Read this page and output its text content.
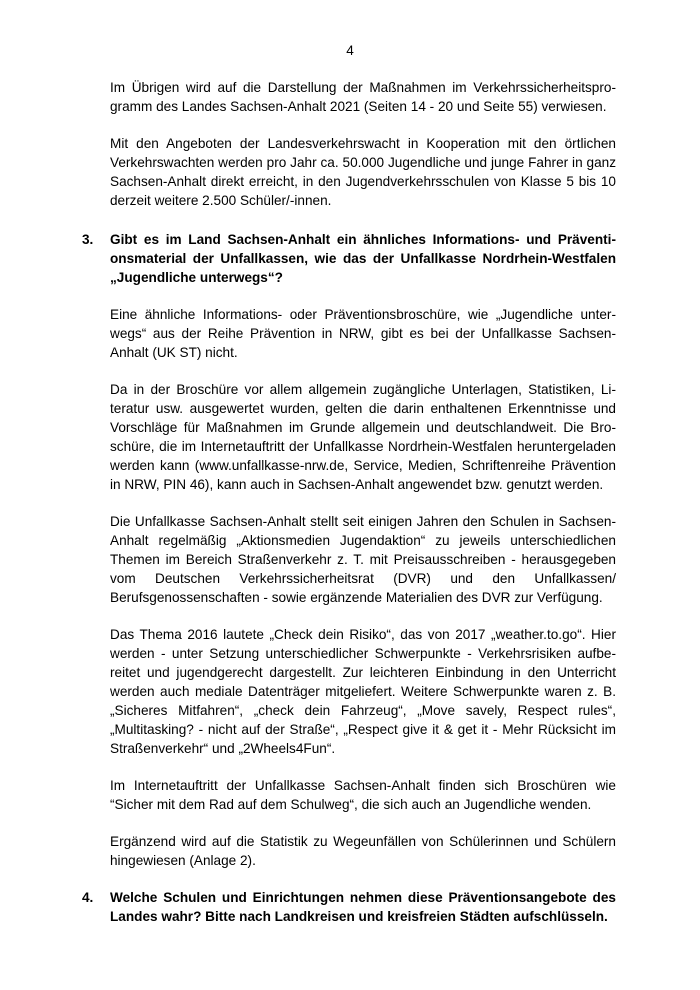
4

Im Übrigen wird auf die Darstellung der Maßnahmen im Verkehrssicherheitsprogramm des Landes Sachsen-Anhalt 2021 (Seiten 14 - 20 und Seite 55) verwiesen.

Mit den Angeboten der Landesverkehrswacht in Kooperation mit den örtlichen Verkehrswachten werden pro Jahr ca. 50.000 Jugendliche und junge Fahrer in ganz Sachsen-Anhalt direkt erreicht, in den Jugendverkehrsschulen von Klasse 5 bis 10 derzeit weitere 2.500 Schüler/-innen.

3. Gibt es im Land Sachsen-Anhalt ein ähnliches Informations- und Präventionsmaterial der Unfallkassen, wie das der Unfallkasse Nordrhein-Westfalen „Jugendliche unterwegs“?

Eine ähnliche Informations- oder Präventionsbroschüre, wie „Jugendliche unterwegs“ aus der Reihe Prävention in NRW, gibt es bei der Unfallkasse Sachsen-Anhalt (UK ST) nicht.

Da in der Broschüre vor allem allgemein zugängliche Unterlagen, Statistiken, Literatur usw. ausgewertet wurden, gelten die darin enthaltenen Erkenntnisse und Vorschläge für Maßnahmen im Grunde allgemein und deutschlandweit. Die Broschüre, die im Internetauftritt der Unfallkasse Nordrhein-Westfalen heruntergeladen werden kann (www.unfallkasse-nrw.de, Service, Medien, Schriftenreihe Prävention in NRW, PIN 46), kann auch in Sachsen-Anhalt angewendet bzw. genutzt werden.

Die Unfallkasse Sachsen-Anhalt stellt seit einigen Jahren den Schulen in Sachsen-Anhalt regelmäßig „Aktionsmedien Jugendaktion“ zu jeweils unterschiedlichen Themen im Bereich Straßenverkehr z. T. mit Preisausschreiben - herausgegeben vom Deutschen Verkehrssicherheitsrat (DVR) und den Unfallkassen/ Berufsgenossenschaften - sowie ergänzende Materialien des DVR zur Verfügung.

Das Thema 2016 lautete „Check dein Risiko“, das von 2017 „weather.to.go“. Hier werden - unter Setzung unterschiedlicher Schwerpunkte - Verkehrsrisiken aufbereitet und jugendgerecht dargestellt. Zur leichteren Einbindung in den Unterricht werden auch mediale Datenträger mitgeliefert. Weitere Schwerpunkte waren z. B. „Sicheres Mitfahren“, „check dein Fahrzeug“, „Move savely, Respect rules“, „Multitasking? - nicht auf der Straße“, „Respect give it & get it - Mehr Rücksicht im Straßenverkehr“ und „2Wheels4Fun“.

Im Internetauftritt der Unfallkasse Sachsen-Anhalt finden sich Broschüren wie “Sicher mit dem Rad auf dem Schulweg“, die sich auch an Jugendliche wenden.

Ergänzend wird auf die Statistik zu Wegeunfällen von Schülerinnen und Schülern hingewiesen (Anlage 2).

4. Welche Schulen und Einrichtungen nehmen diese Präventionsangebote des Landes wahr? Bitte nach Landkreisen und kreisfreien Städten aufschlüsseln.
